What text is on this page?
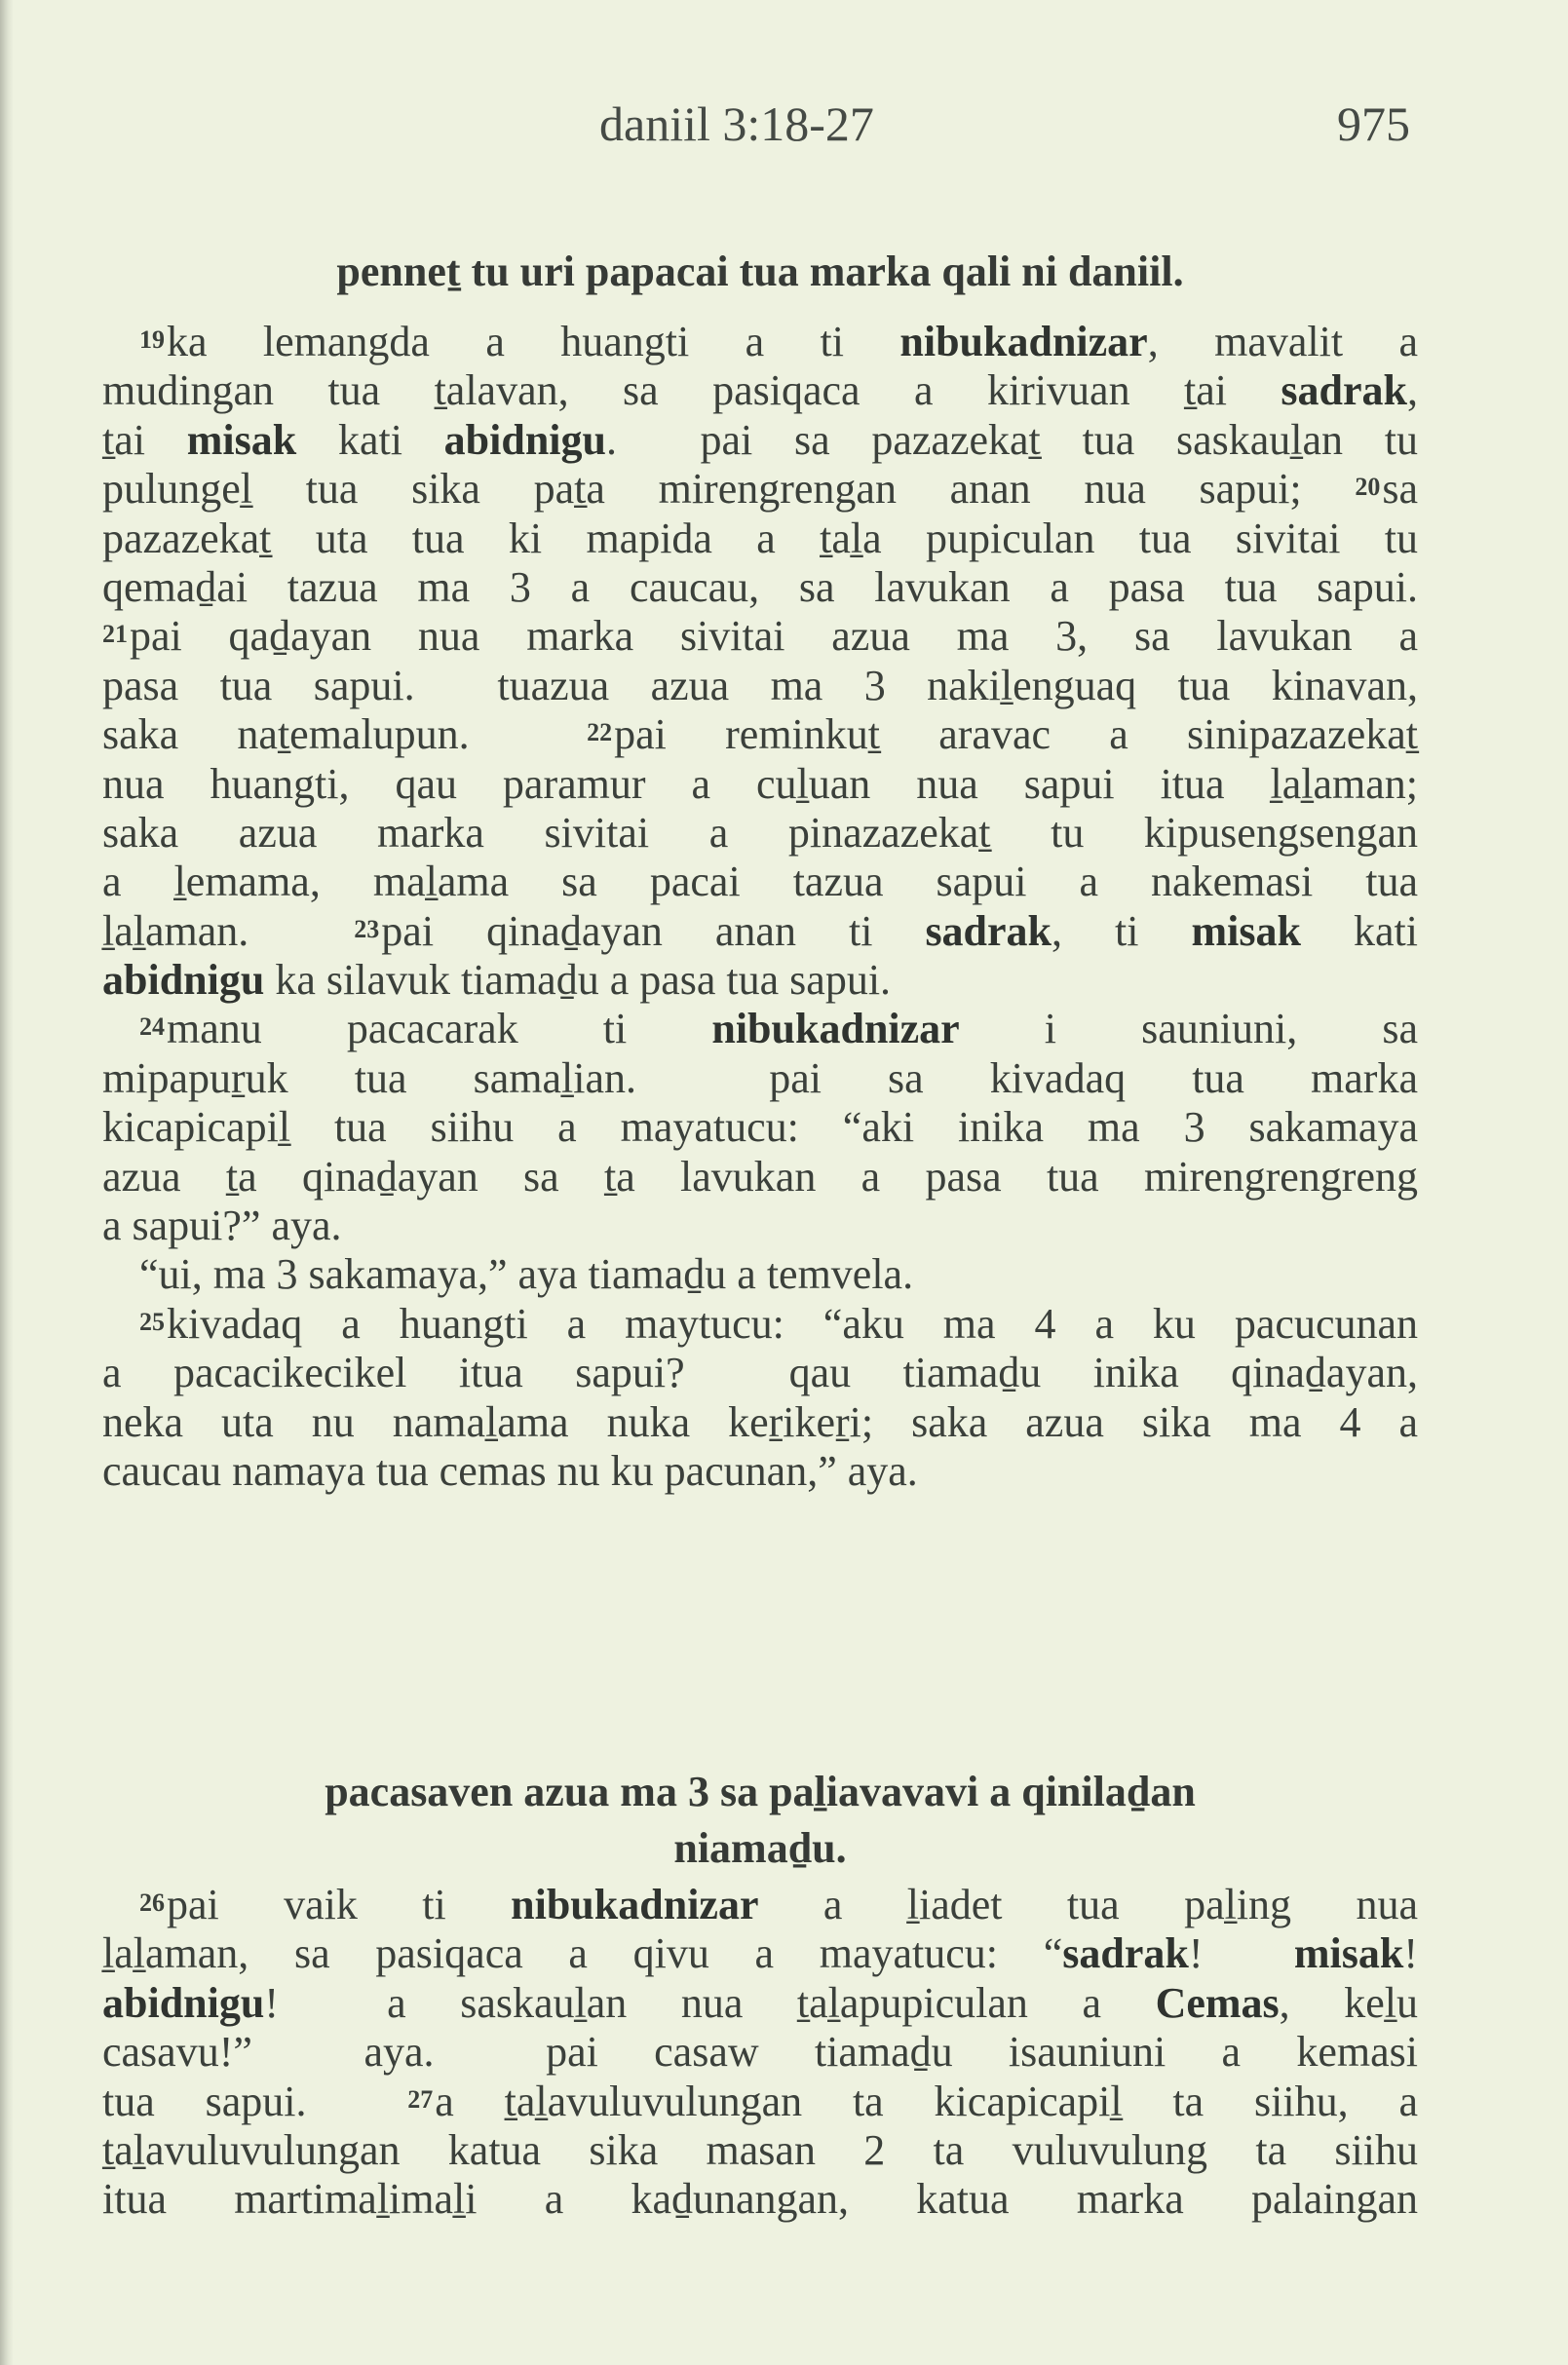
daniil 3:18-27	975
penneṯ tu uri papacai tua marka qali ni daniil.
$^{19}$ka lemangda a huangti a ti nibukadnizar, mavalit a
mudingan tua ṯalavan, sa pasiqaca a kirivuan ṯai sadrak,
ṯai misak kati abidnigu.  pai sa pazazekaṯ tua saskauḻan tu
pulungeḻ tua sika paṯa mirengrengan anan nua sapui; $^{20}$sa
pazazekaṯ uta tua ki mapida a ṯaḻa pupiculan tua sivitai tu
qemaḏai tazua ma 3 a caucau, sa lavukan a pasa tua sapui.
$^{21}$pai qaḏayan nua marka sivitai azua ma 3, sa lavukan a
pasa tua sapui.  tuazua azua ma 3 nakiḻenguaq tua kinavan,
saka naṯemalupun.  $^{22}$pai reminkuṯ aravac a sinipazazekaṯ
nua huangti, qau paramur a cuḻuan nua sapui itua ḻaḻaman;
saka azua marka sivitai a pinazazekaṯ tu kipusengsengan
a ḻemama, maḻama sa pacai tazua sapui a nakemasi tua
ḻaḻaman.  $^{23}$pai qinaḏayan anan ti sadrak, ti misak kati
abidnigu ka silavuk tiamaḏu a pasa tua sapui.
$^{24}$manu pacacarak ti nibukadnizar i sauniuni, sa
mipapuṟuk tua samaḻian.  pai sa kivadaq tua marka
kicapicapiḻ tua siihu a mayatucu: “aki inika ma 3 sakamaya
azua ṯa qinaḏayan sa ṯa lavukan a pasa tua mirengrengreng
a sapui?” aya.
“ui, ma 3 sakamaya,” aya tiamaḏu a temvela.
$^{25}$kivadaq a huangti a maytucu: “aku ma 4 a ku pacucunan
a pacacikecikel itua sapui?  qau tiamaḏu inika qinaḏayan,
neka uta nu namaḻama nuka keṟikeṟi; saka azua sika ma 4 a
caucau namaya tua cemas nu ku pacunan,” aya.
pacasaven azua ma 3 sa paḻiavavavi a qinilaḏan
niamaḏu.
$^{26}$pai vaik ti nibukadnizar a ḻiadet tua paḻing nua
ḻaḻaman, sa pasiqaca a qivu a mayatucu: “sadrak!  misak!
abidnigu!  a saskauḻan nua ṯaḻapupiculan a Cemas, keḻu
casavu!”  aya.  pai casaw tiamaḏu isauniuni a kemasi
tua sapui.  $^{27}$a ṯaḻavuluvulungan ta kicapicapiḻ ta siihu, a
ṯaḻavuluvulungan katua sika masan 2 ta vuluvulung ta siihu
itua martimaḻimaḻi a kaḏunangan, katua marka palaingan
